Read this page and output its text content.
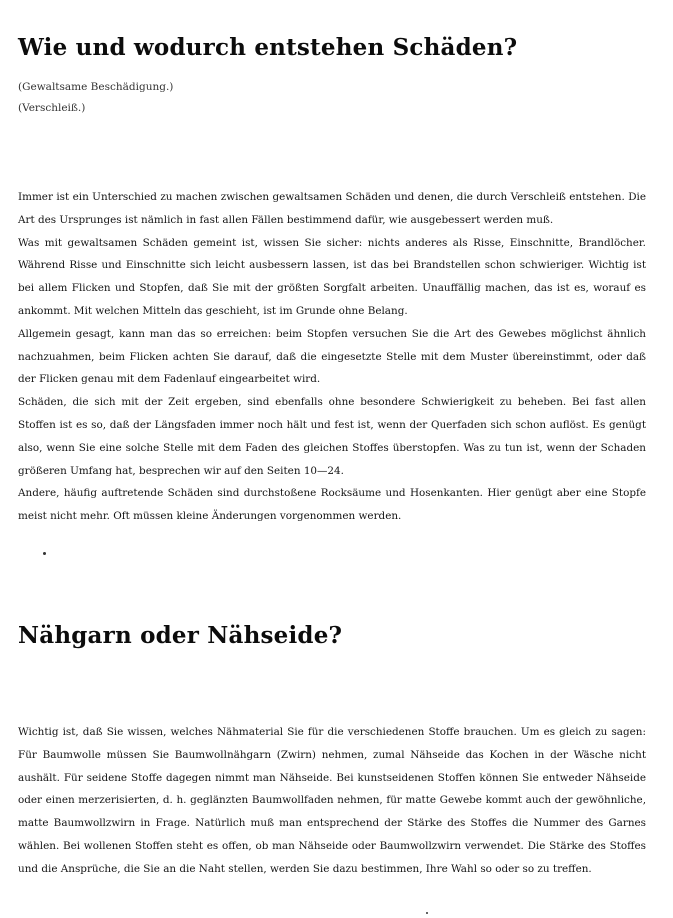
Wie und wodurch entstehen Schäden?
(Gewaltsame Beschädigung.)
(Verschleiß.)

Immer ist ein Unterschied zu machen zwischen gewaltsamen Schäden und denen, die durch Verschleiß entstehen. Die Art des Ursprunges ist nämlich in fast allen Fällen bestimmend dafür, wie ausgebessert werden muß.

Was mit gewaltsamen Schäden gemeint ist, wissen Sie sicher: nichts anderes als Risse, Einschnitte, Brandlöcher. Während Risse und Einschnitte sich leicht ausbessern lassen, ist das bei Brandstellen schon schwieriger. Wichtig ist bei allem Flicken und Stopfen, daß Sie mit der größten Sorgfalt arbeiten. Unauffällig machen, das ist es, worauf es ankommt. Mit welchen Mitteln das geschieht, ist im Grunde ohne Belang.

Allgemein gesagt, kann man das so erreichen: beim Stopfen versuchen Sie die Art des Gewebes möglichst ähnlich nachzuahmen, beim Flicken achten Sie darauf, daß die eingesetzte Stelle mit dem Muster übereinstimmt, oder daß der Flicken genau mit dem Fadenlauf eingearbeitet wird.

Schäden, die sich mit der Zeit ergeben, sind ebenfalls ohne besondere Schwierigkeit zu beheben. Bei fast allen Stoffen ist es so, daß der Längsfaden immer noch hält und fest ist, wenn der Querfaden sich schon auflöst. Es genügt also, wenn Sie eine solche Stelle mit dem Faden des gleichen Stoffes überstopfen. Was zu tun ist, wenn der Schaden größeren Umfang hat, besprechen wir auf den Seiten 10—24.

Andere, häufig auftretende Schäden sind durchstoßene Rocksäume und Hosenkanten. Hier genügt aber eine Stopfe meist nicht mehr. Oft müssen kleine Änderungen vorgenommen werden.

Nähgarn oder Nähseide?

Wichtig ist, daß Sie wissen, welches Nähmaterial Sie für die verschiedenen Stoffe brauchen. Um es gleich zu sagen: Für Baumwolle müssen Sie Baumwollnähgarn (Zwirn) nehmen, zumal Nähseide das Kochen in der Wäsche nicht aushält. Für seidene Stoffe dagegen nimmt man Nähseide. Bei kunstseidenen Stoffen können Sie entweder Nähseide oder einen merzerisierten, d. h. geglänzten Baumwollfaden nehmen, für matte Gewebe kommt auch der gewöhnliche, matte Baumwollzwirn in Frage. Natürlich muß man entsprechend der Stärke des Stoffes die Nummer des Garnes wählen. Bei wollenen Stoffen steht es offen, ob man Nähseide oder Baumwollzwirn verwendet. Die Stärke des Stoffes und die Ansprüche, die Sie an die Naht stellen, werden Sie dazu bestimmen, Ihre Wahl so oder so zu treffen.
